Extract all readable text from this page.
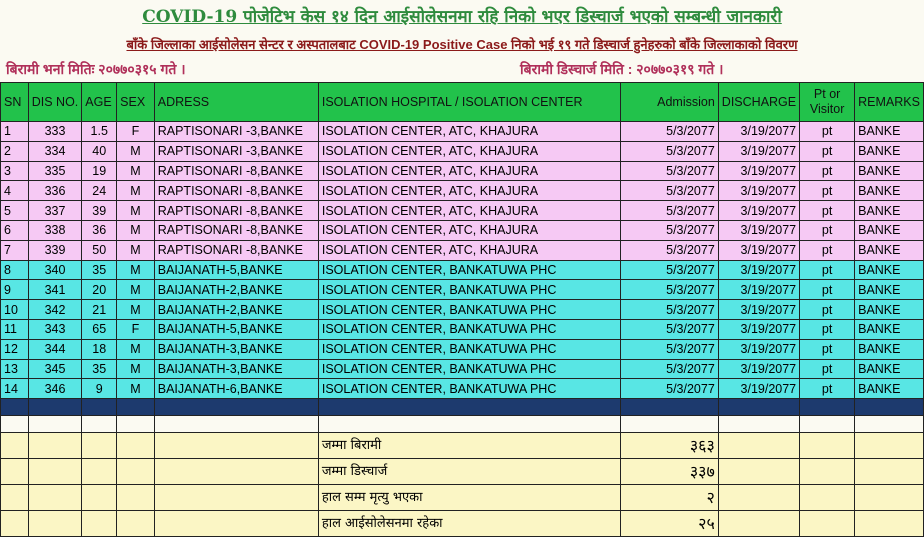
COVID-19 पोजेटिभ केस १४ दिन आईसोलेसनमा रहि निको भएर डिस्चार्ज भएको सम्बन्धी जानकारी
बाँके जिल्लाका आईसोलेसन सेन्टर र अस्पतालबाट COVID-19 Positive Case निको भई १९ गते डिस्चार्ज हुनेहरुको बाँके जिल्लाकाको विवरण
बिरामी भर्ना मितिः २०७७०३१५ गते ।	बिरामी डिस्चार्ज मिति : २०७७०३१९ गते ।
SN	DIS NO.	AGE	SEX	ADRESS	ISOLATION HOSPITAL / ISOLATION CENTER	Admission	DISCHARGE	Pt or Visitor	REMARKS
1	333	1.5	F	RAPTISONARI -3,BANKE	ISOLATION CENTER, ATC, KHAJURA	5/3/2077	3/19/2077	pt	BANKE
2	334	40	M	RAPTISONARI -3,BANKE	ISOLATION CENTER, ATC, KHAJURA	5/3/2077	3/19/2077	pt	BANKE
3	335	19	M	RAPTISONARI -8,BANKE	ISOLATION CENTER, ATC, KHAJURA	5/3/2077	3/19/2077	pt	BANKE
4	336	24	M	RAPTISONARI -8,BANKE	ISOLATION CENTER, ATC, KHAJURA	5/3/2077	3/19/2077	pt	BANKE
5	337	39	M	RAPTISONARI -8,BANKE	ISOLATION CENTER, ATC, KHAJURA	5/3/2077	3/19/2077	pt	BANKE
6	338	36	M	RAPTISONARI -8,BANKE	ISOLATION CENTER, ATC, KHAJURA	5/3/2077	3/19/2077	pt	BANKE
7	339	50	M	RAPTISONARI -8,BANKE	ISOLATION CENTER, ATC, KHAJURA	5/3/2077	3/19/2077	pt	BANKE
8	340	35	M	BAIJANATH-5,BANKE	ISOLATION CENTER, BANKATUWA PHC	5/3/2077	3/19/2077	pt	BANKE
9	341	20	M	BAIJANATH-2,BANKE	ISOLATION CENTER, BANKATUWA PHC	5/3/2077	3/19/2077	pt	BANKE
10	342	21	M	BAIJANATH-2,BANKE	ISOLATION CENTER, BANKATUWA PHC	5/3/2077	3/19/2077	pt	BANKE
11	343	65	F	BAIJANATH-5,BANKE	ISOLATION CENTER, BANKATUWA PHC	5/3/2077	3/19/2077	pt	BANKE
12	344	18	M	BAIJANATH-3,BANKE	ISOLATION CENTER, BANKATUWA PHC	5/3/2077	3/19/2077	pt	BANKE
13	345	35	M	BAIJANATH-3,BANKE	ISOLATION CENTER, BANKATUWA PHC	5/3/2077	3/19/2077	pt	BANKE
14	346	9	M	BAIJANATH-6,BANKE	ISOLATION CENTER, BANKATUWA PHC	5/3/2077	3/19/2077	pt	BANKE

					जम्मा बिरामी	३६३			
					जम्मा डिस्चार्ज	३३७			
					हाल सम्म मृत्यु भएका	२			
					हाल आईसोलेसनमा रहेका	२५			
